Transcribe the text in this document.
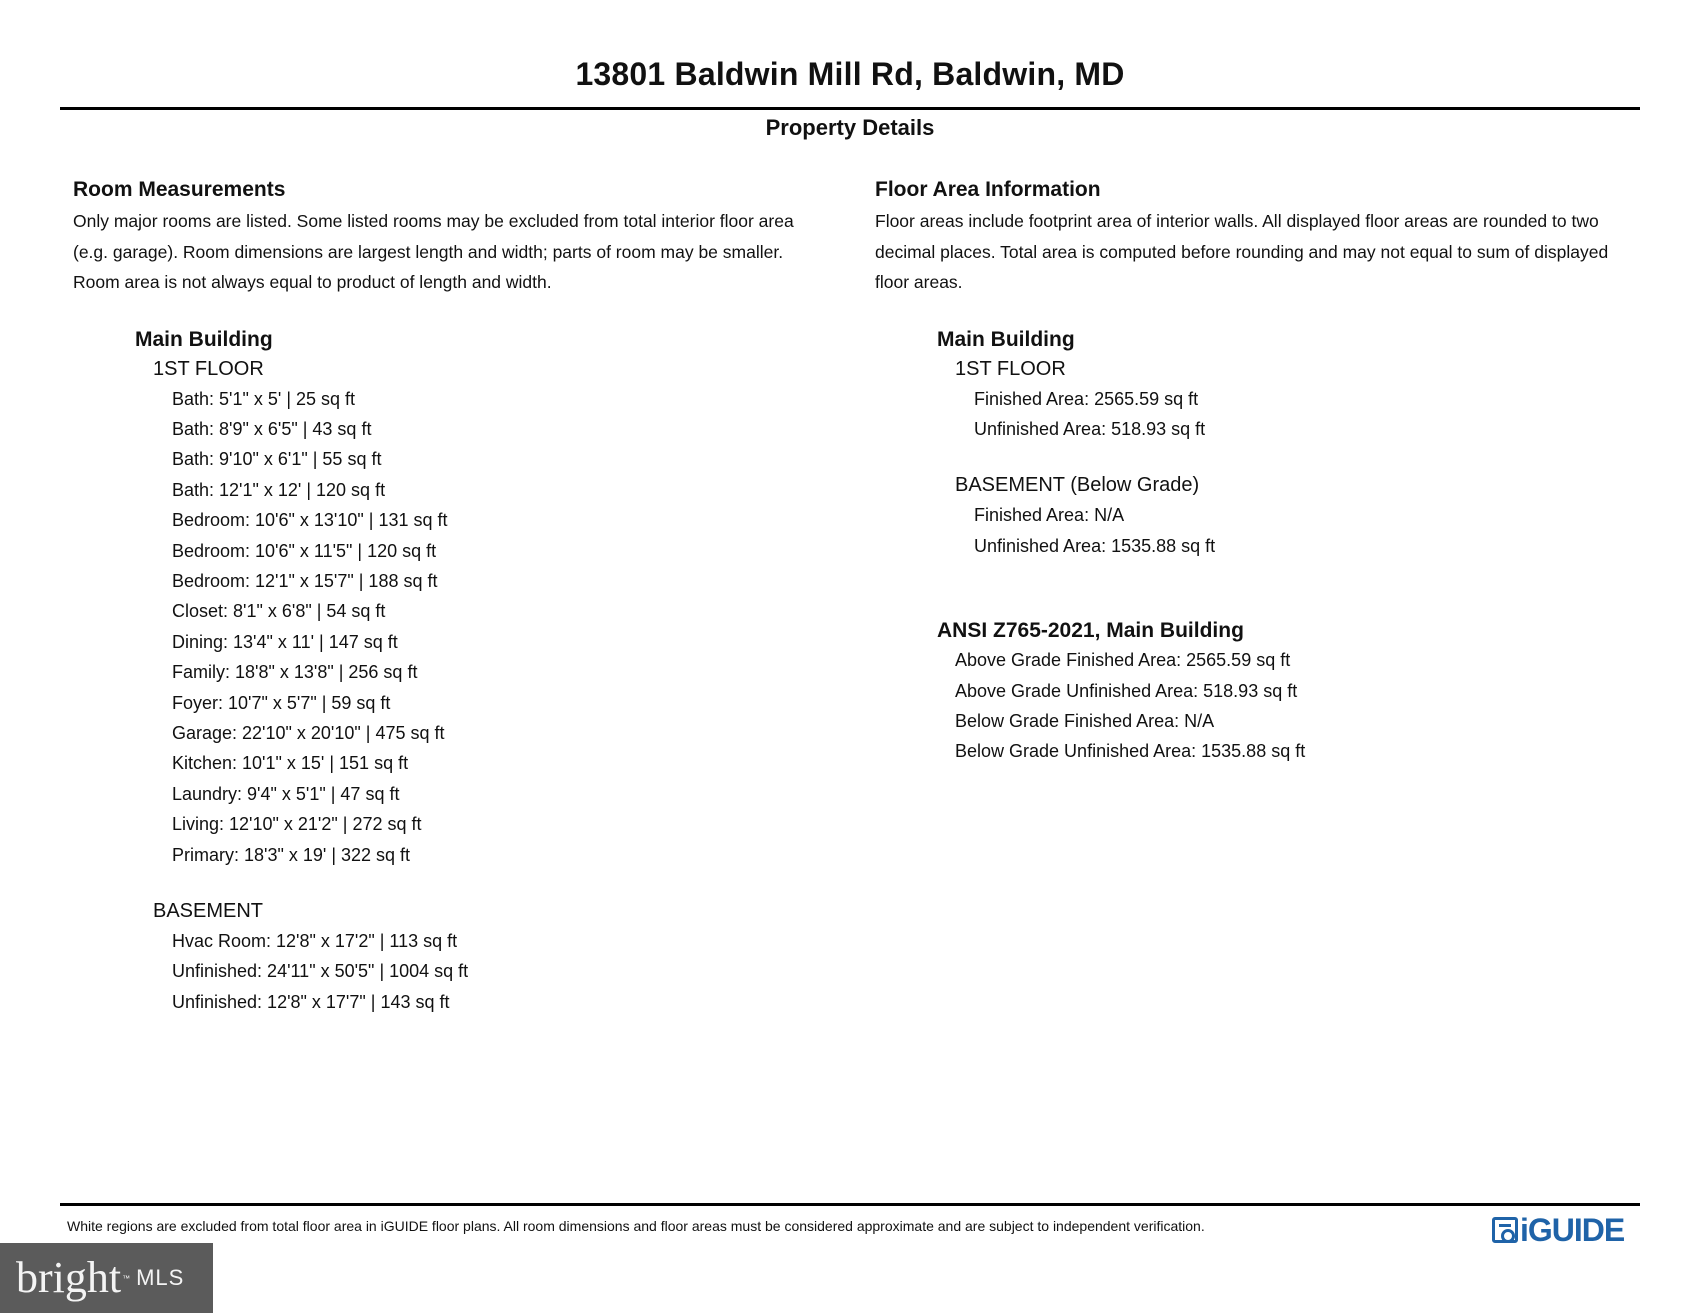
13801 Baldwin Mill Rd, Baldwin, MD
Property Details
Room Measurements
Only major rooms are listed. Some listed rooms may be excluded from total interior floor area
(e.g. garage). Room dimensions are largest length and width; parts of room may be smaller.
Room area is not always equal to product of length and width.
Main Building
1ST FLOOR
Bath: 5'1" x 5' | 25 sq ft
Bath: 8'9" x 6'5" | 43 sq ft
Bath: 9'10" x 6'1" | 55 sq ft
Bath: 12'1" x 12' | 120 sq ft
Bedroom: 10'6" x 13'10" | 131 sq ft
Bedroom: 10'6" x 11'5" | 120 sq ft
Bedroom: 12'1" x 15'7" | 188 sq ft
Closet: 8'1" x 6'8" | 54 sq ft
Dining: 13'4" x 11' | 147 sq ft
Family: 18'8" x 13'8" | 256 sq ft
Foyer: 10'7" x 5'7" | 59 sq ft
Garage: 22'10" x 20'10" | 475 sq ft
Kitchen: 10'1" x 15' | 151 sq ft
Laundry: 9'4" x 5'1" | 47 sq ft
Living: 12'10" x 21'2" | 272 sq ft
Primary: 18'3" x 19' | 322 sq ft
BASEMENT
Hvac Room: 12'8" x 17'2" | 113 sq ft
Unfinished: 24'11" x 50'5" | 1004 sq ft
Unfinished: 12'8" x 17'7" | 143 sq ft
Floor Area Information
Floor areas include footprint area of interior walls. All displayed floor areas are rounded to two
decimal places. Total area is computed before rounding and may not equal to sum of displayed
floor areas.
Main Building
1ST FLOOR
Finished Area: 2565.59 sq ft
Unfinished Area: 518.93 sq ft
BASEMENT (Below Grade)
Finished Area: N/A
Unfinished Area: 1535.88 sq ft
ANSI Z765-2021, Main Building
Above Grade Finished Area: 2565.59 sq ft
Above Grade Unfinished Area: 518.93 sq ft
Below Grade Finished Area: N/A
Below Grade Unfinished Area: 1535.88 sq ft
White regions are excluded from total floor area in iGUIDE floor plans. All room dimensions and floor areas must be considered approximate and are subject to independent verification.	iGUIDE
bright ™ MLS
